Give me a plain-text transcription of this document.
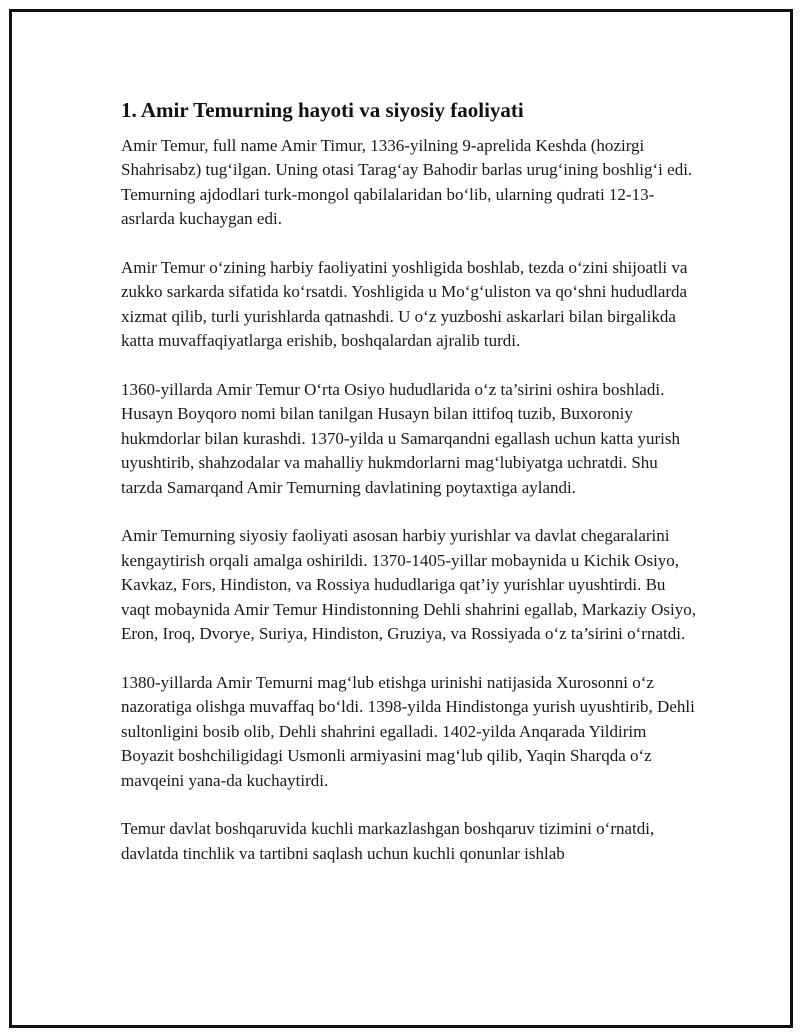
1. Amir Temurning hayoti va siyosiy faoliyati

Amir Temur, full name Amir Timur, 1336-yilning 9-aprelida Keshda (hozirgi Shahrisabz) tug‘ilgan. Uning otasi Tarag‘ay Bahodir barlas urug‘ining boshlig‘i edi. Temurning ajdodlari turk-mongol qabilalaridan bo‘lib, ularning qudrati 12-13-asrlarda kuchaygan edi.

Amir Temur o‘zining harbiy faoliyatini yoshligida boshlab, tezda o‘zini shijoatli va zukko sarkarda sifatida ko‘rsatdi. Yoshligida u Mo‘g‘uliston va qo‘shni hududlarda xizmat qilib, turli yurishlarda qatnashdi. U o‘z yuzboshi askarlari bilan birgalikda katta muvaffaqiyatlarga erishib, boshqalardan ajralib turdi.

1360-yillarda Amir Temur O‘rta Osiyo hududlarida o‘z ta’sirini oshira boshladi. Husayn Boyqoro nomi bilan tanilgan Husayn bilan ittifoq tuzib, Buxoroniy hukmdorlar bilan kurashdi. 1370-yilda u Samarqandni egallash uchun katta yurish uyushtirib, shahzodalar va mahalliy hukmdorlarni mag‘lubiyatga uchratdi. Shu tarzda Samarqand Amir Temurning davlatining poytaxtiga aylandi.

Amir Temurning siyosiy faoliyati asosan harbiy yurishlar va davlat chegaralarini kengaytirish orqali amalga oshirildi. 1370-1405-yillar mobaynida u Kichik Osiyo, Kavkaz, Fors, Hindiston, va Rossiya hududlariga qat’iy yurishlar uyushtirdi. Bu vaqt mobaynida Amir Temur Hindistonning Dehli shahrini egallab, Markaziy Osiyo, Eron, Iroq, Dvorye, Suriya, Hindiston, Gruziya, va Rossiyada o‘z ta’sirini o‘rnatdi.

1380-yillarda Amir Temurni mag‘lub etishga urinishi natijasida Xurosonni o‘z nazoratiga olishga muvaffaq bo‘ldi. 1398-yilda Hindistonga yurish uyushtirib, Dehli sultonligini bosib olib, Dehli shahrini egalladi. 1402-yilda Anqarada Yildirim Boyazit boshchiligidagi Usmonli armiyasini mag‘lub qilib, Yaqin Sharqda o‘z mavqeini yana-da kuchaytirdi.

Temur davlat boshqaruvida kuchli markazlashgan boshqaruv tizimini o‘rnatdi, davlatda tinchlik va tartibni saqlash uchun kuchli qonunlar ishlab
